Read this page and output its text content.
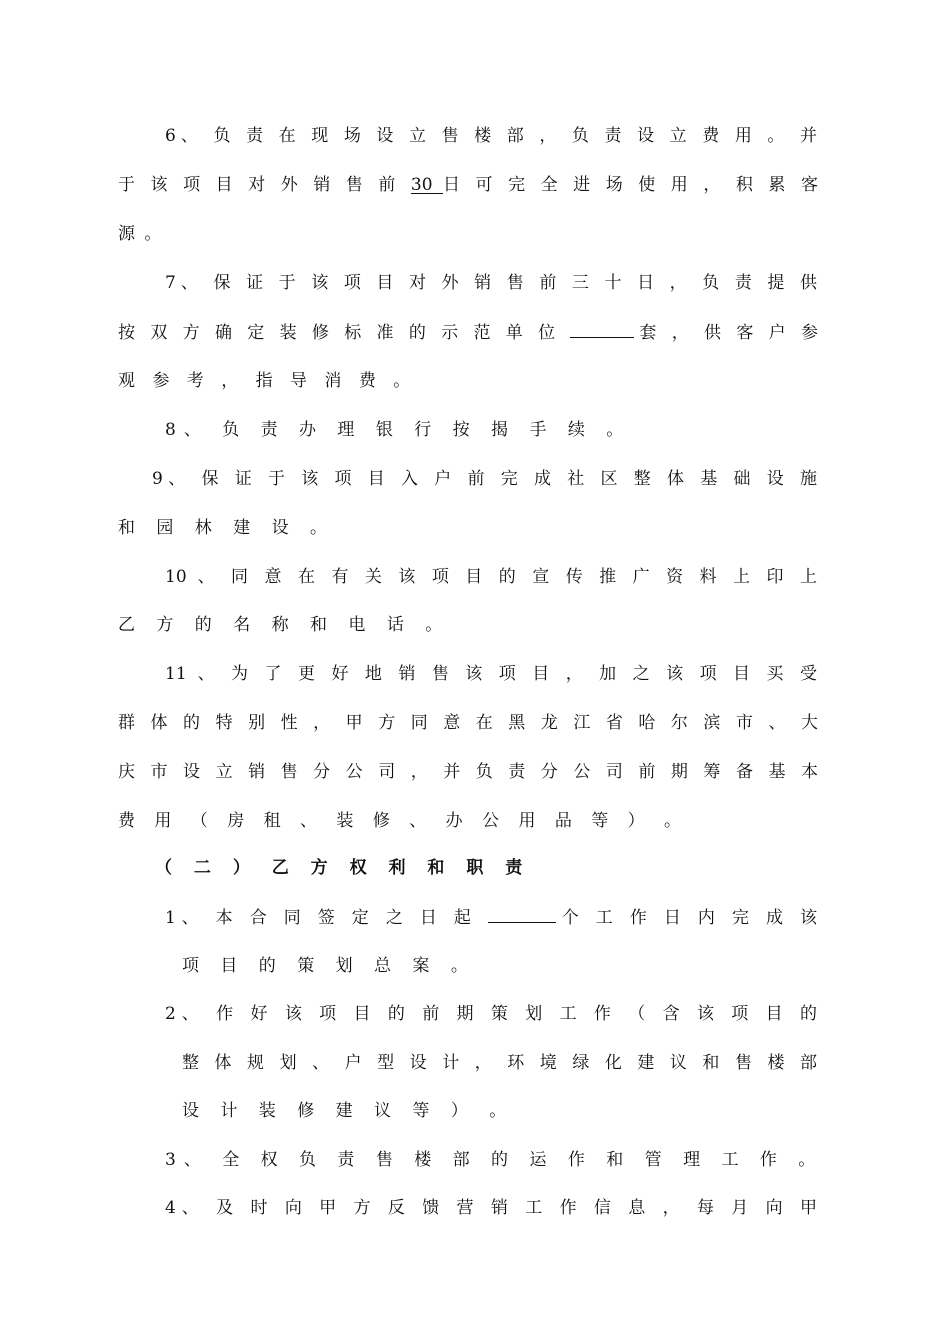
6、 负 责 在 现 场 设 立 售 楼 部 ， 负 责 设 立 费 用 。 并
于 该 项 目 对 外 销 售 前 30 日 可 完 全 进 场 使 用 ， 积 累 客
源 。
7、 保 证 于 该 项 目 对 外 销 售 前 三 十 日 ， 负 责 提 供
按 双 方 确 定 装 修 标 准 的 示 范 单 位	套 ， 供 客 户 参
观 参 考 ， 指 导 消 费 。
8、 负 责 办 理 银 行 按 揭 手 续 。
9、 保 证 于 该 项 目 入 户 前 完 成 社 区 整 体 基 础 设 施
和 园 林 建 设 。
10 、 同 意 在 有 关 该 项 目 的 宣 传 推 广 资 料 上 印 上
乙 方 的 名 称 和 电 话 。
11 、 为 了 更 好 地 销 售 该 项 目 ， 加 之 该 项 目 买 受
群 体 的 特 别 性 ， 甲 方 同 意 在 黑 龙 江 省 哈 尔 滨 市 、 大
庆 市 设 立 销 售 分 公 司 ， 并 负 责 分 公 司 前 期 筹 备 基 本
费 用 （ 房 租 、 装 修 、 办 公 用 品 等 ） 。
（ 二 ） 乙 方 权 利 和 职 责
1、 本 合 同 签 定 之 日 起	个 工 作 日 内 完 成 该
项 目 的 策 划 总 案 。
2、 作 好 该 项 目 的 前 期 策 划 工 作 （ 含 该 项 目 的
整 体 规 划 、 户 型 设 计 ， 环 境 绿 化 建 议 和 售 楼 部
设 计 装 修 建 议 等 ） 。
3、 全 权 负 责 售 楼 部 的 运 作 和 管 理 工 作 。
4、 及 时 向 甲 方 反 馈 营 销 工 作 信 息 ， 每 月 向 甲
